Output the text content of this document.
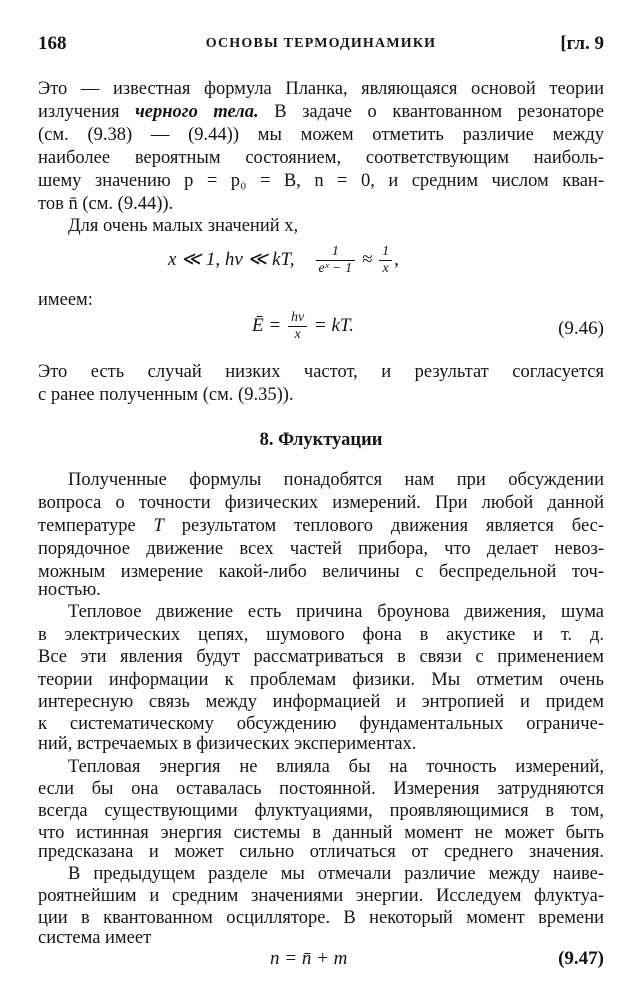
168	ОСНОВЫ ТЕРМОДИНАМИКИ	[гл. 9
Это — известная формула Планка, являющаяся основой теории
излучения черного тела. В задаче о квантованном резонаторе
(см. (9.38) — (9.44)) мы можем отметить различие между
наиболее вероятным состоянием, соответствующим наиболь-
шему значению p = p₀ = B, n = 0, и средним числом кван-
тов n̄ (см. (9.44)).
Для очень малых значений x,
x ≪ 1, hν ≪ kT, $\frac{1}{\text{eˣ − 1}} \approx \frac{1}{x}$ ,
имеем:
Ē = $\frac{h\nu}{x}$ = kT.	(9.46)
Это есть случай низких частот, и результат согласуется
с ранее полученным (см. (9.35)).
8. Флуктуации
Полученные формулы понадобятся нам при обсуждении
вопроса о точности физических измерений. При любой данной
температуре T результатом теплового движения является бес-
порядочное движение всех частей прибора, что делает невоз-
можным измерение какой-либо величины с беспредельной точ-
ностью.
Тепловое движение есть причина броунова движения, шума
в электрических цепях, шумового фона в акустике и т. д.
Все эти явления будут рассматриваться в связи с применением
теории информации к проблемам физики. Мы отметим очень
интересную связь между информацией и энтропией и придем
к систематическому обсуждению фундаментальных ограниче-
ний, встречаемых в физических экспериментах.
Тепловая энергия не влияла бы на точность измерений,
если бы она оставалась постоянной. Измерения затрудняются
всегда существующими флуктуациями, проявляющимися в том,
что истинная энергия системы в данный момент не может быть
предсказана и может сильно отличаться от среднего значения.
В предыдущем разделе мы отмечали различие между наиве-
роятнейшим и средним значениями энергии. Исследуем флуктуа-
ции в квантованном осцилляторе. В некоторый момент времени
система имеет
n = n̄ + m	(9.47)
